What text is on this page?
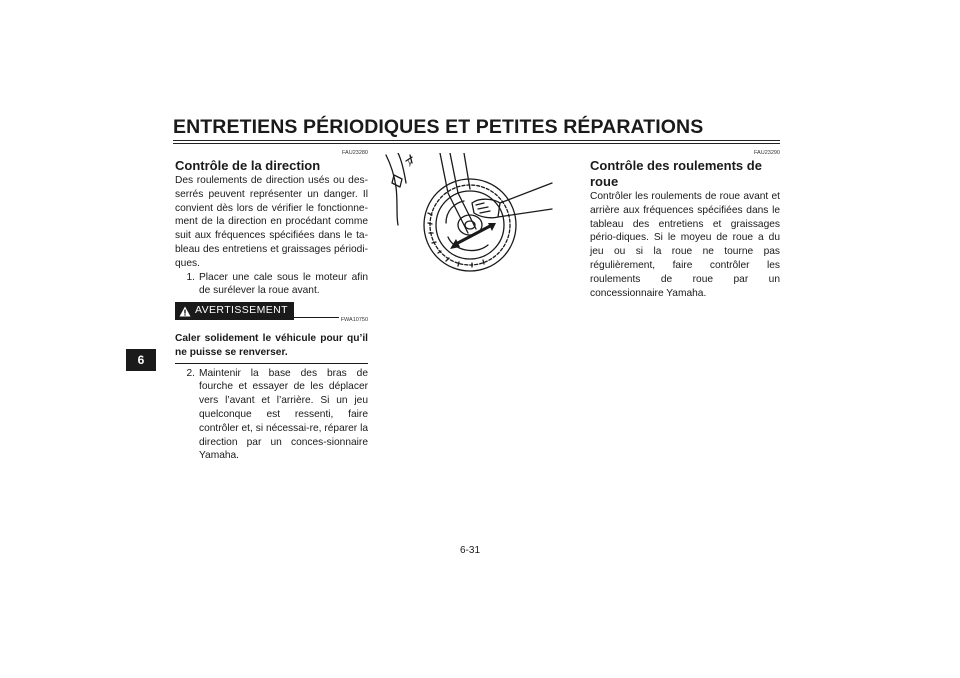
ENTRETIENS PÉRIODIQUES ET PETITES RÉPARATIONS
6
FAU23280
Contrôle de la direction

Des roulements de direction usés ou des-serrés peuvent représenter un danger. Il convient dès lors de vérifier le fonctionne-ment de la direction en procédant comme suit aux fréquences spécifiées dans le ta-bleau des entretiens et graissages périodi-ques.

1. Placer une cale sous le moteur afin de surélever la roue avant.
AVERTISSEMENT
FWA10750
Caler solidement le véhicule pour qu’il ne puisse se renverser.
2. Maintenir la base des bras de fourche et essayer de les déplacer vers l’avant et l’arrière. Si un jeu quelconque est ressenti, faire contrôler et, si nécessai-re, réparer la direction par un conces-sionnaire Yamaha.
γ
FAU23290
Contrôle des roulements de roue

Contrôler les roulements de roue avant et arrière aux fréquences spécifiées dans le tableau des entretiens et graissages pério-diques. Si le moyeu de roue a du jeu ou si la roue ne tourne pas régulièrement, faire contrôler les roulements de roue par un concessionnaire Yamaha.

6-31
